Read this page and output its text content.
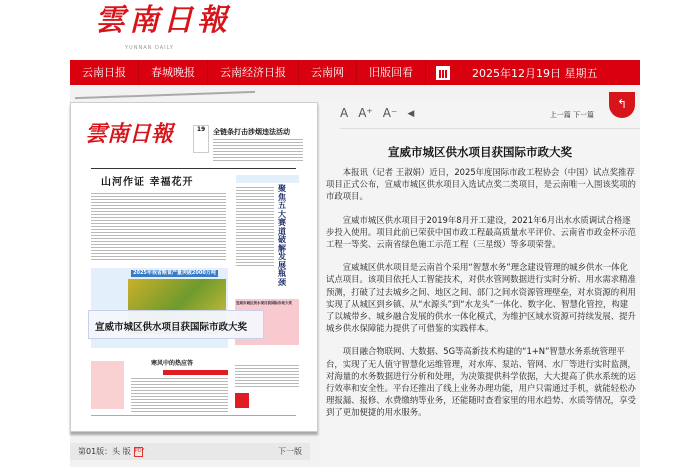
雲南日報
YUNNAN DAILY
云南日报	春城晚报	云南经济日报	云南网	旧版回看	2025年12月19日 星期五
雲南日報	19	全链条打击涉烟违法活动
山河作证 幸福花开
聚焦五大赛道 破解发展瓶颈
2025年我省粮食产量突破2000万吨
宣威市城区供水项目获国际市政大奖
寒风中的热应答
第01版：头 版 PDF	下一版
A A⁺ A⁻ ◀	上一篇 下一篇
↰
宣威市城区供水项目获国际市政大奖

本报讯（记者 王淑娟）近日，2025年度国际市政工程协会（中国）试点奖推荐项目正式公布，宣威市城区供水项目入选试点奖二类项目，是云南唯一入围该奖项的市政项目。

宣威市城区供水项目于2019年8月开工建设，2021年6月出水水质调试合格逐步投入使用。项目此前已荣获中国市政工程最高质量水平评价、云南省市政金杯示范工程一等奖、云南省绿色施工示范工程（三星级）等多项荣誉。

宣威城区供水项目是云南首个采用“智慧水务”理念建设管理的城乡供水一体化试点项目。该项目依托人工智能技术，对供水管网数据进行实时分析、用水需求精准预测，打破了过去城乡之间、地区之间、部门之间水资源管理壁垒，对水资源的利用实现了从城区到乡镇、从“水源头”到“水龙头”一体化、数字化、智慧化管控，构建了以城带乡、城乡融合发展的供水一体化模式，为维护区域水资源可持续发展、提升城乡供水保障能力提供了可借鉴的实践样本。

项目融合物联网、大数据、5G等高新技术构建的“1+N”智慧水务系统管理平台，实现了无人值守智慧化运维管理，对水库、泵站、管网、水厂等进行实时监测，对海量的水务数据进行分析和处理，为决策提供科学依据，大大提高了供水系统的运行效率和安全性。平台还推出了线上业务办理功能，用户只需通过手机，就能轻松办理报漏、报修、水费缴纳等业务，还能随时查看家里的用水趋势、水质等情况，享受到了更加便捷的用水服务。

宣威市城区供水项目获国际市政大奖
